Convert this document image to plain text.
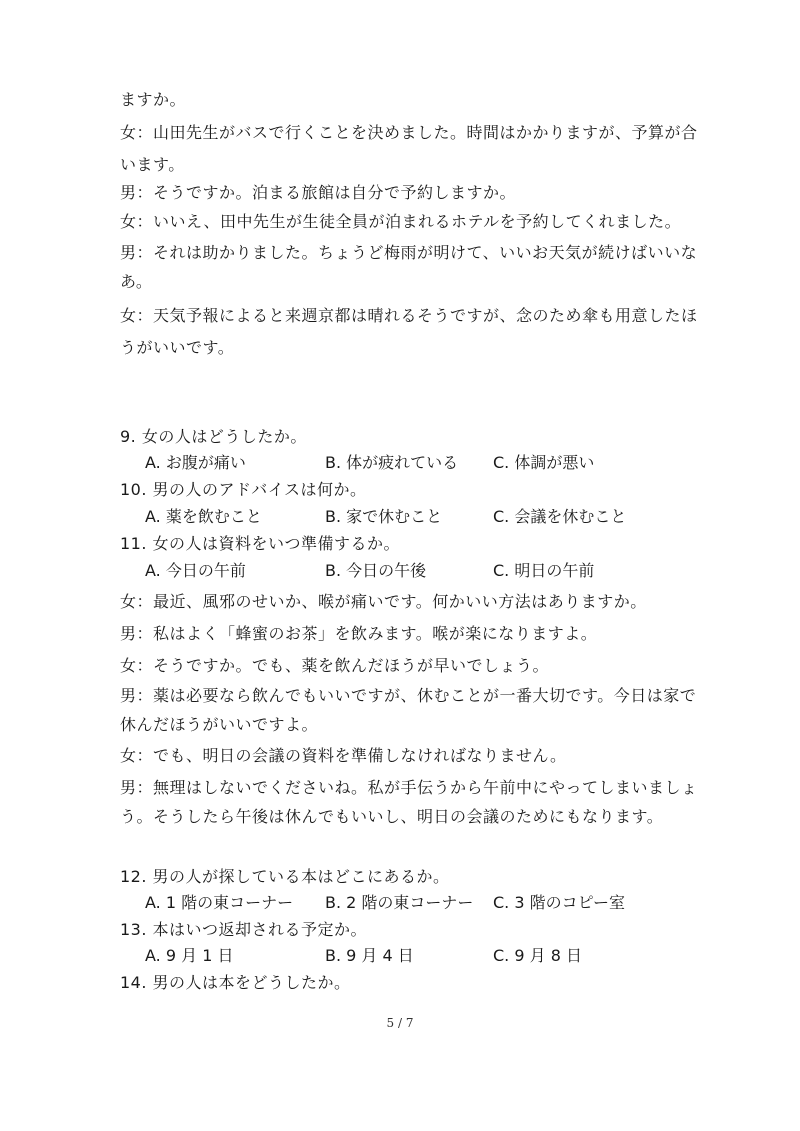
ますか。
女：山田先生がバスで行くことを決めました。時間はかかりますが、予算が合
います。
男：そうですか。泊まる旅館は自分で予約しますか。
女：いいえ、田中先生が生徒全員が泊まれるホテルを予約してくれました。
男：それは助かりました。ちょうど梅雨が明けて、いいお天気が続けばいいな
あ。
女：天気予報によると来週京都は晴れるそうですが、念のため傘も用意したほ
うがいいです。
9. 女の人はどうしたか。
A. お腹が痛い	B. 体が疲れている C. 体調が悪い
10. 男の人のアドバイスは何か。
A. 薬を飲むこと	B. 家で休むこと	C. 会議を休むこと
11. 女の人は資料をいつ準備するか。
A. 今日の午前	B. 今日の午後	C. 明日の午前
女：最近、風邪のせいか、喉が痛いです。何かいい方法はありますか。
男：私はよく「蜂蜜のお茶」を飲みます。喉が楽になりますよ。
女：そうですか。でも、薬を飲んだほうが早いでしょう。
男：薬は必要なら飲んでもいいですが、休むことが一番大切です。今日は家で
休んだほうがいいですよ。
女：でも、明日の会議の資料を準備しなければなりません。
男：無理はしないでくださいね。私が手伝うから午前中にやってしまいましょ
う。そうしたら午後は休んでもいいし、明日の会議のためにもなります。
12. 男の人が探している本はどこにあるか。
A. 1 階の東コーナー B. 2 階の東コーナー C. 3 階のコピー室
13. 本はいつ返却される予定か。
A. 9 月 1 日	B. 9 月 4 日	C. 9 月 8 日
14. 男の人は本をどうしたか。
5 / 7
